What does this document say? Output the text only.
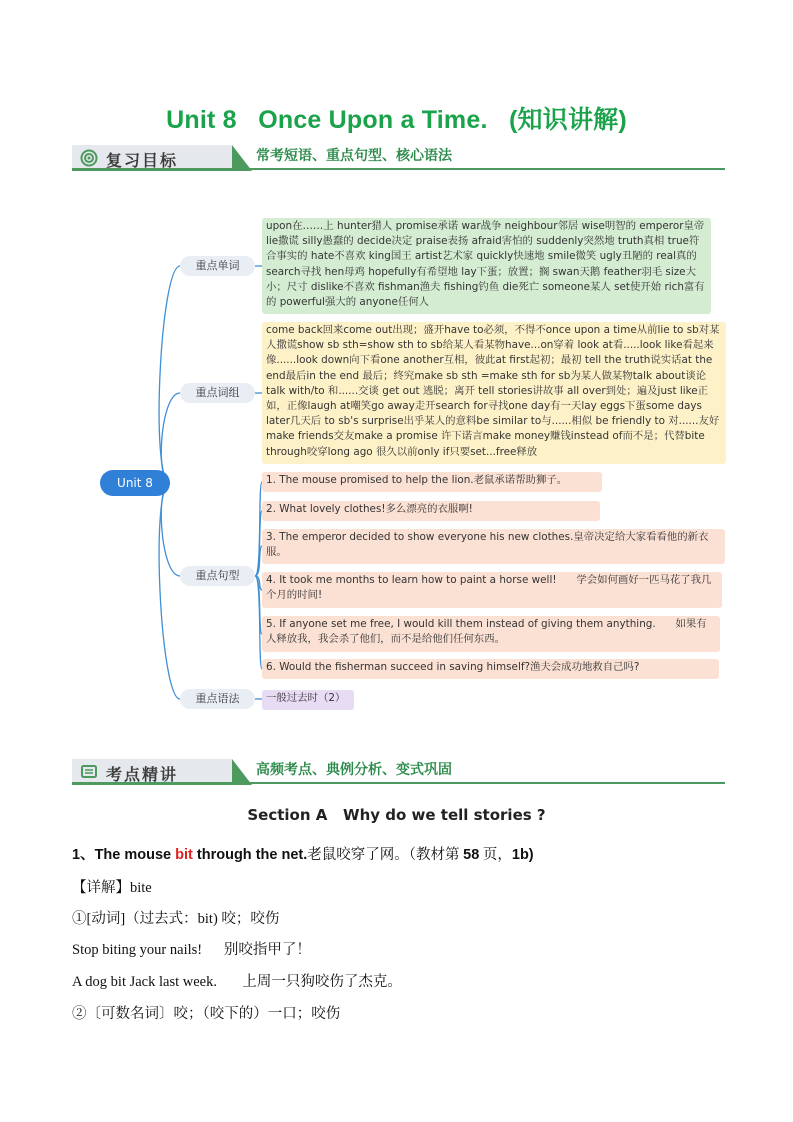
Unit 8   Once Upon a Time.   (知识讲解)
复习目标	常考短语、重点句型、核心语法
Unit 8
重点单词
重点词组
重点句型
重点语法
upon在……上 hunter猎人 promise承诺 war战争 neighbour邻居 wise明智的 emperor皇帝 lie撒谎 silly愚蠢的 decide决定 praise表扬 afraid害怕的 suddenly突然地 truth真相 true符合事实的 hate不喜欢 king国王 artist艺术家 quickly快速地 smile微笑 ugly丑陋的 real真的 search寻找 hen母鸡 hopefully有希望地 lay下蛋；放置；搁 swan天鹅 feather羽毛 size大小；尺寸 dislike不喜欢 fishman渔夫 fishing钓鱼 die死亡 someone某人 set使开始 rich富有的 powerful强大的 anyone任何人
come back回来come out出现；盛开have to必须，不得不once upon a time从前lie to sb对某人撒谎show sb sth=show sth to sb给某人看某物have...on穿着 look at看.....look like看起来像......look down向下看one another互相，彼此at first起初；最初 tell the truth说实话at the end最后in the end 最后；终究make sb sth =make sth for sb为某人做某物talk about谈论talk with/to 和......交谈 get out 逃脱；离开 tell stories讲故事 all over到处；遍及just like正如，正像laugh at嘲笑go away走开search for寻找one day有一天lay eggs下蛋some days later几天后 to sb's surprise出乎某人的意料be similar to与......相似 be friendly to 对......友好make friends交友make a promise 许下诺言make money赚钱instead of而不是；代替bite through咬穿long ago 很久以前only if只要set...free释放
1. The mouse promised to help the lion.老鼠承诺帮助狮子。
2. What lovely clothes!多么漂亮的衣服啊!
3. The emperor decided to show everyone his new clothes.皇帝决定给大家看看他的新衣服。
4. It took me months to learn how to paint a horse well!      学会如何画好一匹马花了我几个月的时间!
5. If anyone set me free, I would kill them instead of giving them anything.      如果有人释放我，我会杀了他们，而不是给他们任何东西。
6. Would the fisherman succeed in saving himself?渔夫会成功地救自己吗?
一般过去时（2）
考点精讲	高频考点、典例分析、变式巩固
Section A   Why do we tell stories ?
1、The mouse bit through the net.老鼠咬穿了网。（教材第 58 页，1b)
【详解】bite
①[动词]（过去式：bit) 咬；咬伤
Stop biting your nails!      别咬指甲了！
A dog bit Jack last week.       上周一只狗咬伤了杰克。
②〔可数名词〕咬；（咬下的）一口；咬伤
